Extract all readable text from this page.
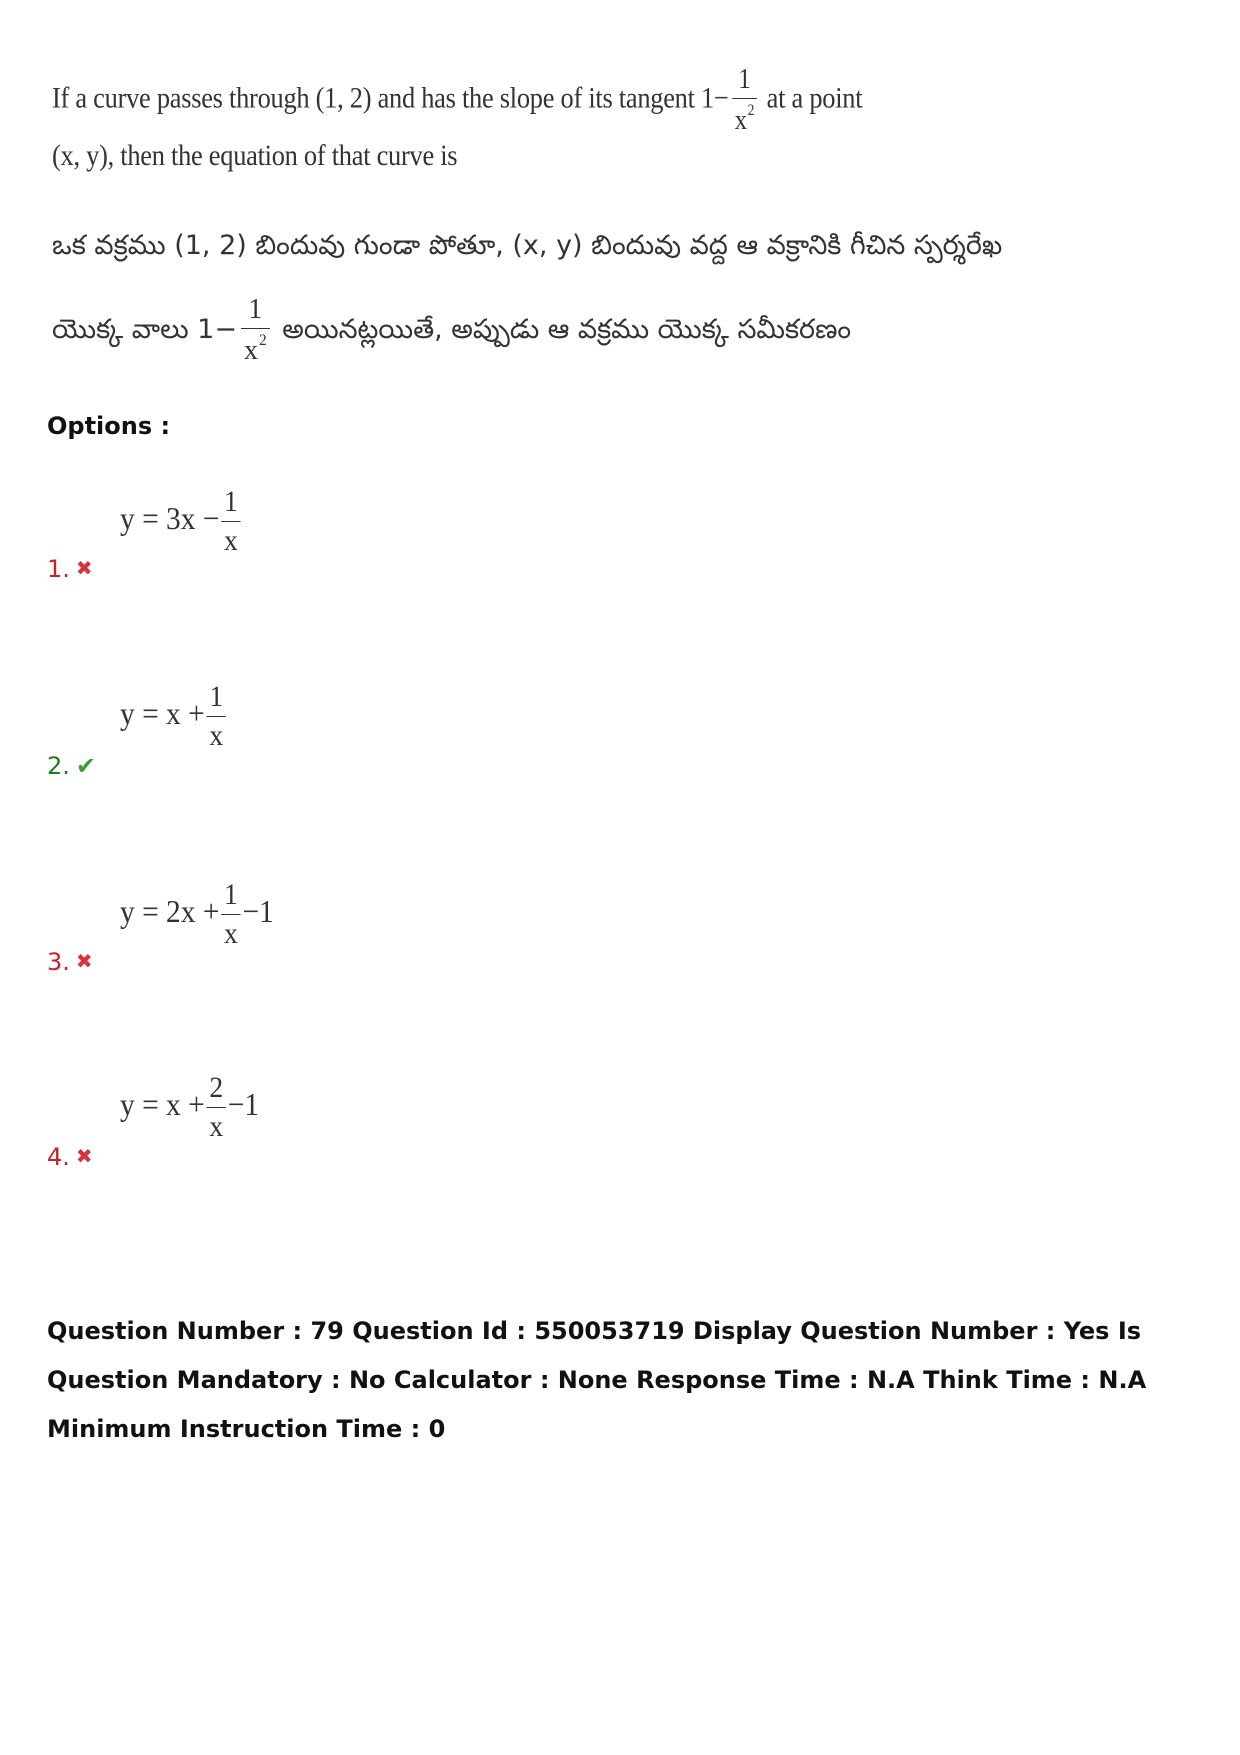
If a curve passes through (1, 2) and has the slope of its tangent $1- \frac{1}{x^2}$ at a point
(x, y), then the equation of that curve is
ఒక వక్రము (1, 2) బిందువు గుండా పోతూ, (x, y) బిందువు వద్ద ఆ వక్రానికి గీచిన స్పర్శరేఖ
యొక్క వాలు $1- \frac{1}{x^2}$ అయినట్లయితే, అప్పుడు ఆ వక్రము యొక్క సమీకరణం
Options :
$y = 3x - \frac{1}{x}$
1. ✖
$y = x + \frac{1}{x}$
2. ✔
$y = 2x + \frac{1}{x} -1$
3. ✖
$y = x + \frac{2}{x} -1$
4. ✖
Question Number : 79 Question Id : 550053719 Display Question Number : Yes Is Question Mandatory : No Calculator : None Response Time : N.A Think Time : N.A Minimum Instruction Time : 0
